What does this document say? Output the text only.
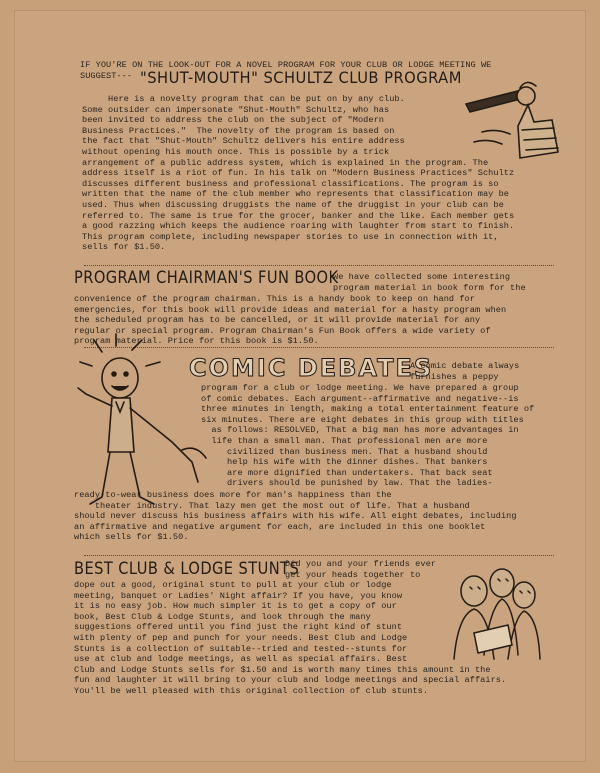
IF YOU'RE ON THE LOOK-OUT FOR A NOVEL PROGRAM FOR YOUR CLUB OR LODGE MEETING WE

SUGGEST--- "SHUT-MOUTH" SCHULTZ CLUB PROGRAM

Here is a novelty program that can be put on by any club.
Some outsider can impersonate "Shut-Mouth" Schultz, who has
been invited to address the club on the subject of "Modern
Business Practices."  The novelty of the program is based on
the fact that "Shut-Mouth" Schultz delivers his entire address
without opening his mouth once. This is possible by a trick
arrangement of a public address system, which is explained in the program. The
address itself is a riot of fun. In his talk on "Modern Business Practices" Schultz
discusses different business and professional classifications. The program is so
written that the name of the club member who represents that classification may be
used. Thus when discussing druggists the name of the druggist in your club can be
referred to. The same is true for the grocer, banker and the like. Each member gets
a good razzing which keeps the audience roaring with laughter from start to finish.
This program complete, including newspaper stories to use in connection with it,
sells for $1.50.

PROGRAM CHAIRMAN'S FUN BOOK

We have collected some interesting
program material in book form for the

convenience of the program chairman. This is a handy book to keep on hand for
emergencies, for this book will provide ideas and material for a hasty program when
the scheduled program has to be cancelled, or it will provide material for any
regular or special program. Program Chairman's Fun Book offers a wide variety of
program material. Price for this book is $1.50.

COMIC DEBATES

A comic debate always
furnishes a peppy

program for a club or lodge meeting. We have prepared a group
of comic debates. Each argument--affirmative and negative--is
three minutes in length, making a total entertainment feature of
six minutes. There are eight debates in this group with titles
as follows: RESOLVED, That a big man has more advantages in
life than a small man. That professional men are more
civilized than business men. That a husband should
help his wife with the dinner dishes. That bankers
are more dignified than undertakers. That back seat
drivers should be punished by law. That the ladies-

ready-to-wear business does more for man's happiness than the
theater industry. That lazy men get the most out of life. That a husband
should never discuss his business affairs with his wife. All eight debates, including
an affirmative and negative argument for each, are included in this one booklet
which sells for $1.50.

BEST CLUB & LODGE STUNTS

Did you and your friends ever
get your heads together to

dope out a good, original stunt to pull at your club or lodge
meeting, banquet or Ladies' Night affair? If you have, you know
it is no easy job. How much simpler it is to get a copy of our
book, Best Club & Lodge Stunts, and look through the many
suggestions offered until you find just the right kind of stunt
with plenty of pep and punch for your needs. Best Club and Lodge
Stunts is a collection of suitable--tried and tested--stunts for
use at club and lodge meetings, as well as special affairs. Best
Club and Lodge Stunts sells for $1.50 and is worth many times this amount in the
fun and laughter it will bring to your club and lodge meetings and special affairs.
You'll be well pleased with this original collection of club stunts.
